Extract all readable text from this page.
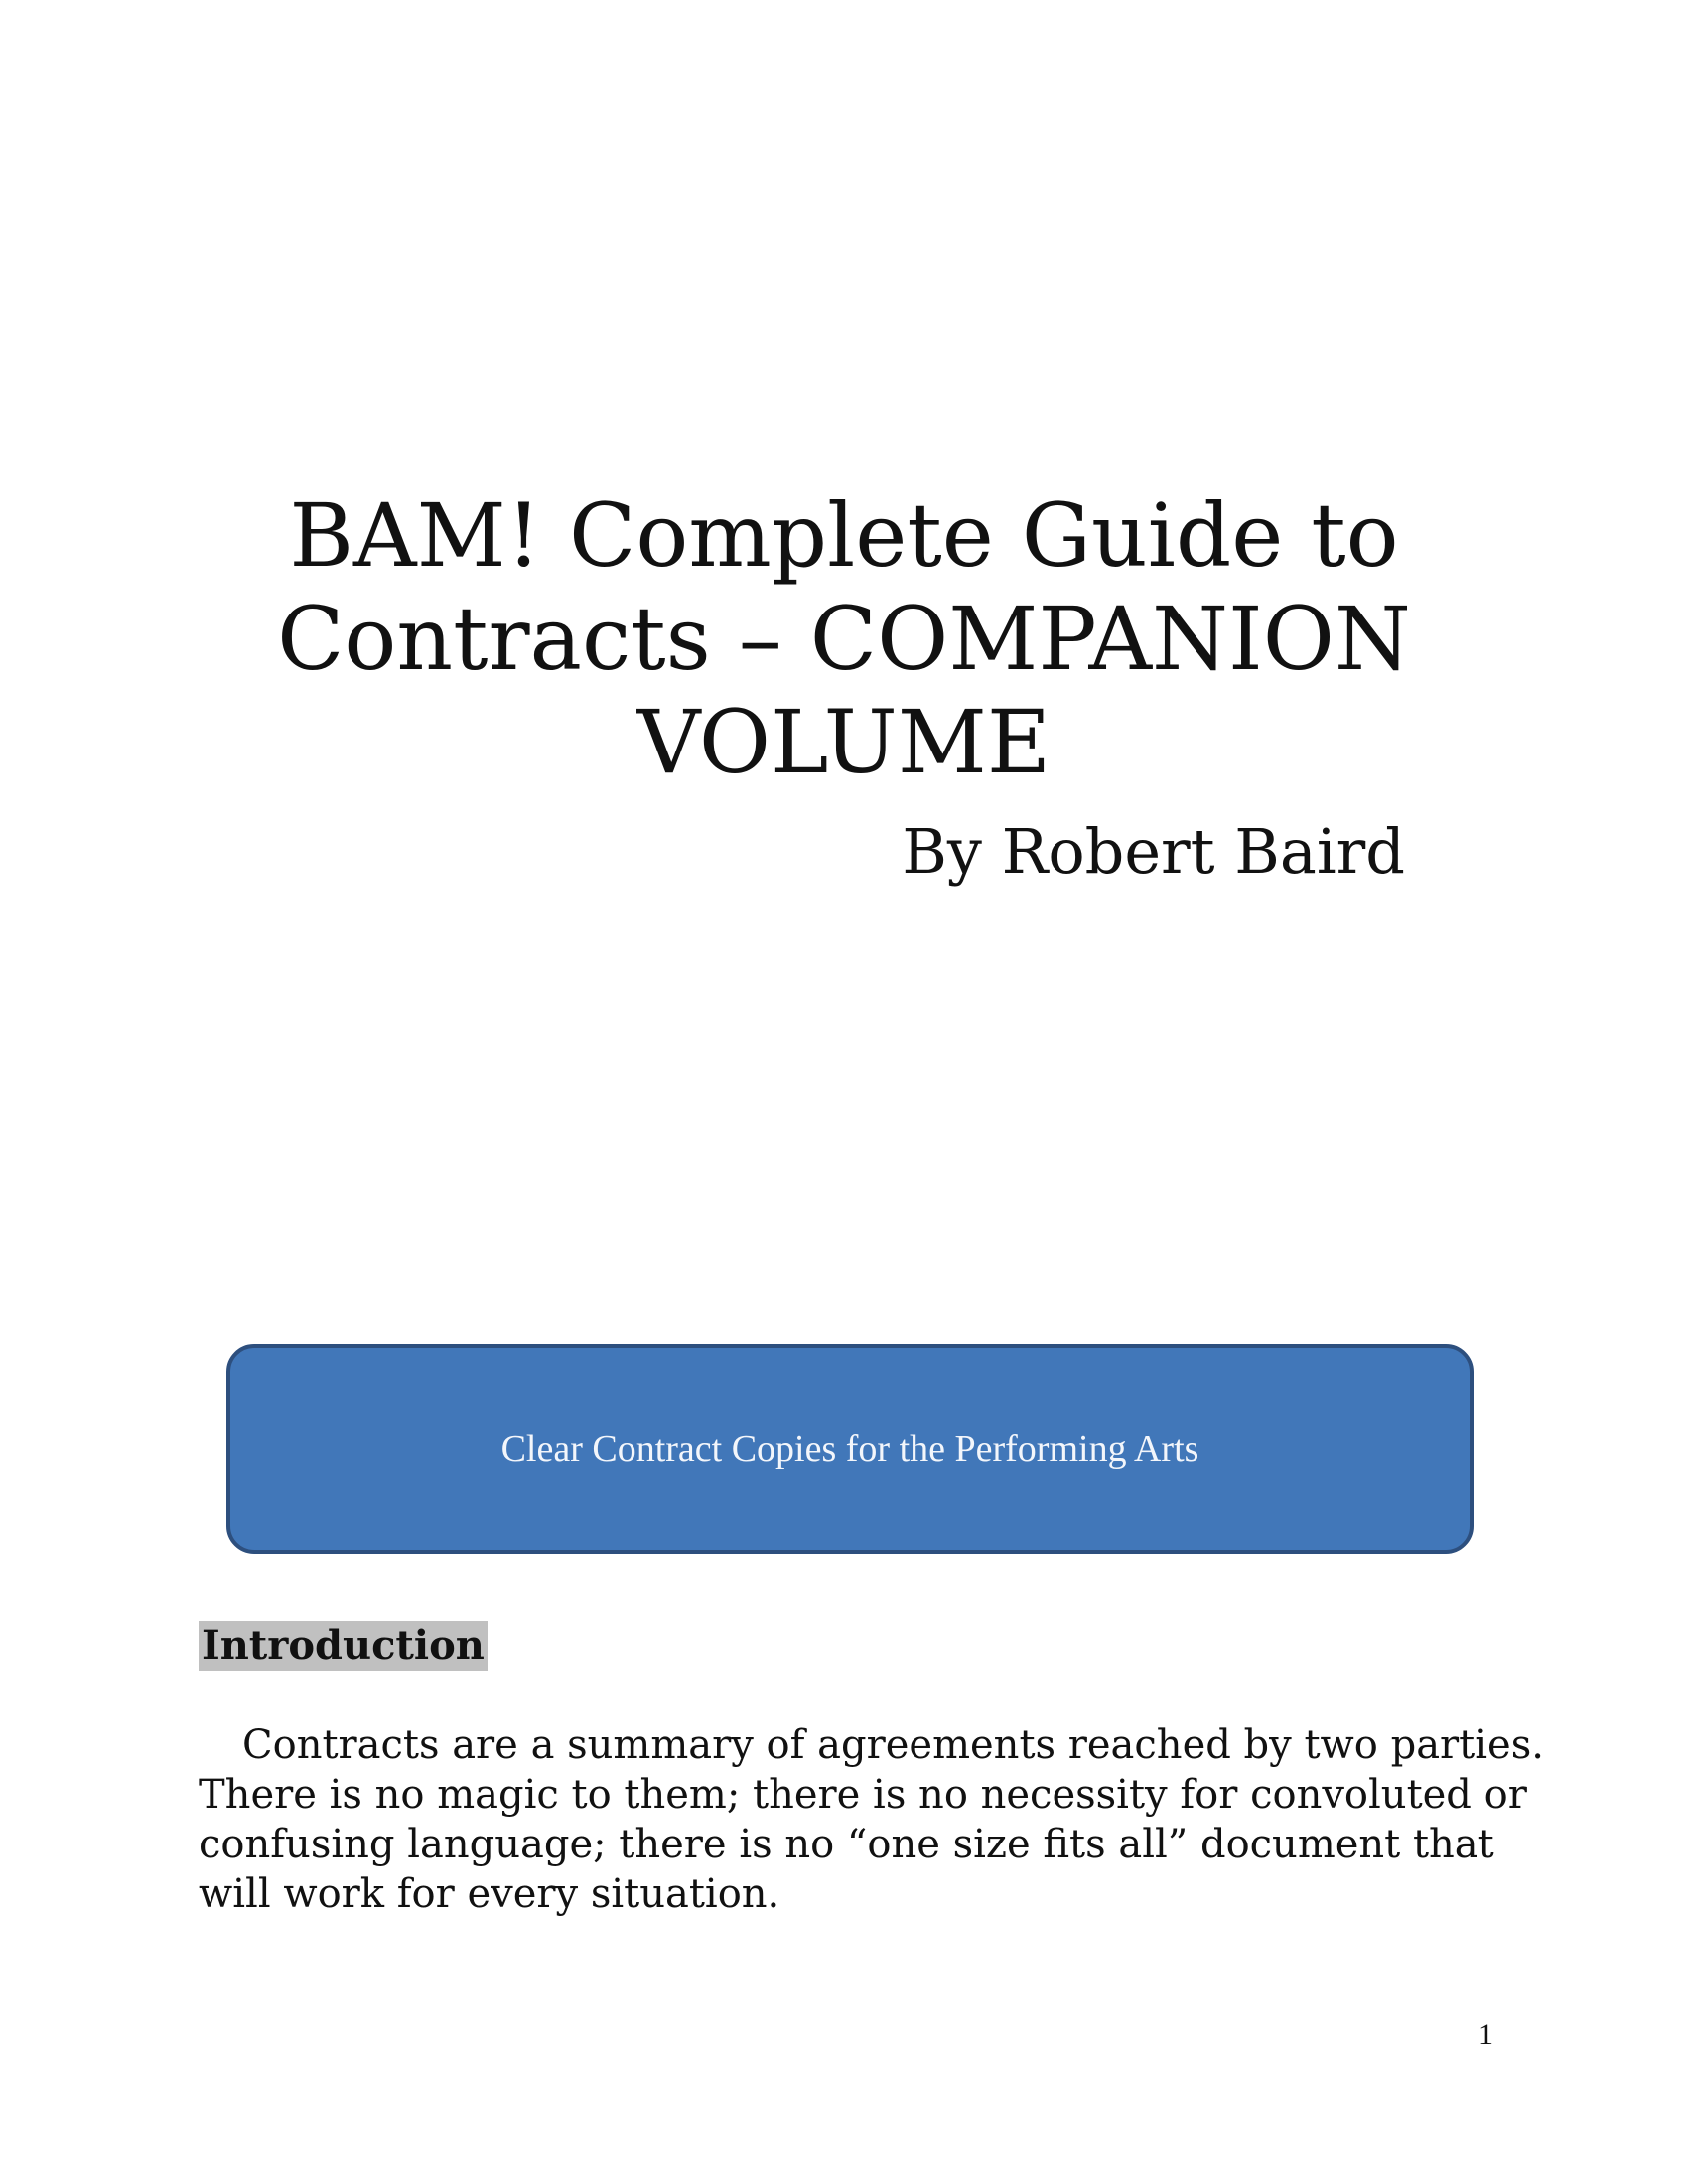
BAM! Complete Guide to
Contracts – COMPANION
VOLUME

By Robert Baird

Clear Contract Copies for the Performing Arts
Introduction

Contracts are a summary of agreements reached by two parties.
There is no magic to them; there is no necessity for convoluted or
confusing language; there is no “one size fits all” document that
will work for every situation.

1
